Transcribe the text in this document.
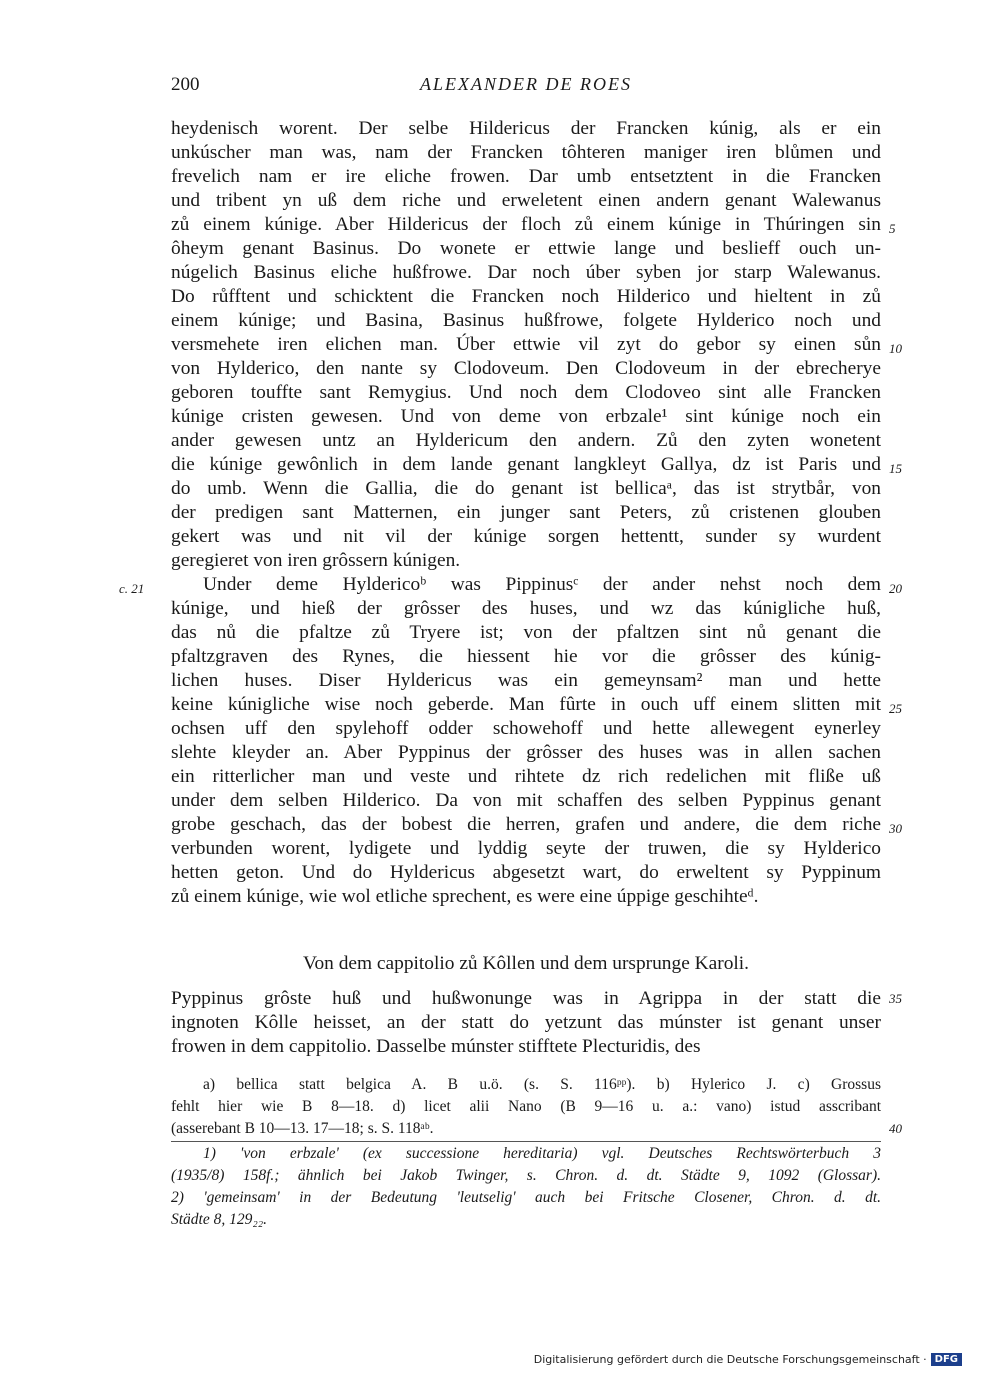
200	ALEXANDER DE ROES
heydenisch worent. Der selbe Hildericus der Francken kúnig, als er ein
unkúscher man was, nam der Francken tôhteren maniger iren blůmen und
frevelich nam er ire eliche frowen. Dar umb entsetztent in die Francken
und tribent yn uß dem riche und erweletent einen andern genant Walewanus
zů einem kúnige. Aber Hildericus der floch zů einem kúnige in Thúringen sin
ôheym genant Basinus. Do wonete er ettwie lange und besliеff ouch un-
núgelich Basinus eliche hußfrowe. Dar noch úber syben jor starp Walewanus.
Do růfftent und schicktent die Francken noch Hilderico und hieltent in zů
einem kúnige; und Basina, Basinus hußfrowe, folgete Hylderico noch und
versmehete iren elichen man. Úber ettwie vil zyt do gebor sy einen sůn
von Hylderico, den nante sy Clodoveum. Den Clodoveum in der ebrecherye
geboren touffte sant Remygius. Und noch dem Clodoveo sint alle Francken
kúnige cristen gewesen. Und von deme von erbzale¹ sint kúnige noch ein
ander gewesen untz an Hyldericum den andern. Zů den zyten wonetent
die kúnige gewônlich in dem lande genant langkleyt Gallya, dz ist Paris und
do umb. Wenn die Gallia, die do genant ist bellicaᵃ, das ist strytbår, von
der predigen sant Matternen, ein junger sant Peters, zů cristenen glouben
gekert was und nit vil der kúnige sorgen hettentt, sunder sy wurdent
geregieret von iren grôssern kúnigen.
5
10
15
c. 21	Under deme Hyldericoᵇ was Pippinusᶜ der ander nehst noch dem
kúnige, und hieß der grôsser des huses, und wz das kúnigliche huß,
das nů die pfaltze zů Tryere ist; von der pfaltzen sint nů genant die
pfaltzgraven des Rynes, die hiessent hie vor die grôsser des kúnig-
lichen huses. Diser Hyldericus was ein gemeynsam² man und hette
keine kúnigliche wise noch geberde. Man fûrte in ouch uff einem slitten mit
ochsen uff den spylehoff odder schowehoff und hette allewegent eynerley
slehte kleyder an. Aber Pyppinus der grôsser des huses was in allen sachen
ein ritterlicher man und veste und rihtete dz rich redelichen mit flіße uß
under dem selben Hilderico. Da von mit schaffen des selben Pyppinus genant
grobe geschach, das der bobest die herren, grafen und andere, die dem riche
verbunden worent, lydigete und lyddig seyte der truwen, die sy Hylderico
hetten geton. Und do Hyldericus abgesetzt wart, do erweltent sy Pyppinum
zů einem kúnige, wie wol etliche sprechent, es were eine úppige geschihteᵈ.
20
25
30
Von dem cappitolio zů Kôllen und dem ursprunge Karoli.
Pyppinus grôste huß und hußwonunge was in Agrippa in der statt die
ingnoten Kôlle heisset, an der statt do yetzunt das múnster ist genant unser
frowen in dem cappitolio. Dasselbe múnster stifftete Plecturidis, des
35
a) bellica statt belgica A. B u.ö. (s. S. 116ᵖᵖ). b) Hylerico J. c) Grossus
fehlt hier wie B 8—18. d) licet alii Nano (B 9—16 u. a.: vano) istud asscribant
(asserebant B 10—13. 17—18; s. S. 118ᵃᵇ.	40
1) 'von erbzale' (ex successione hereditaria) vgl. Deutsches Rechtswörterbuch 3
(1935/8) 158f.; ähnlich bei Jakob Twinger, s. Chron. d. dt. Städte 9, 1092 (Glossar).
2) 'gemeinsam' in der Bedeutung 'leutselig' auch bei Fritsche Closener, Chron. d. dt.
Städte 8, 129₂₂.
Digitalisierung gefördert durch die Deutsche Forschungsgemeinschaft · DFG
